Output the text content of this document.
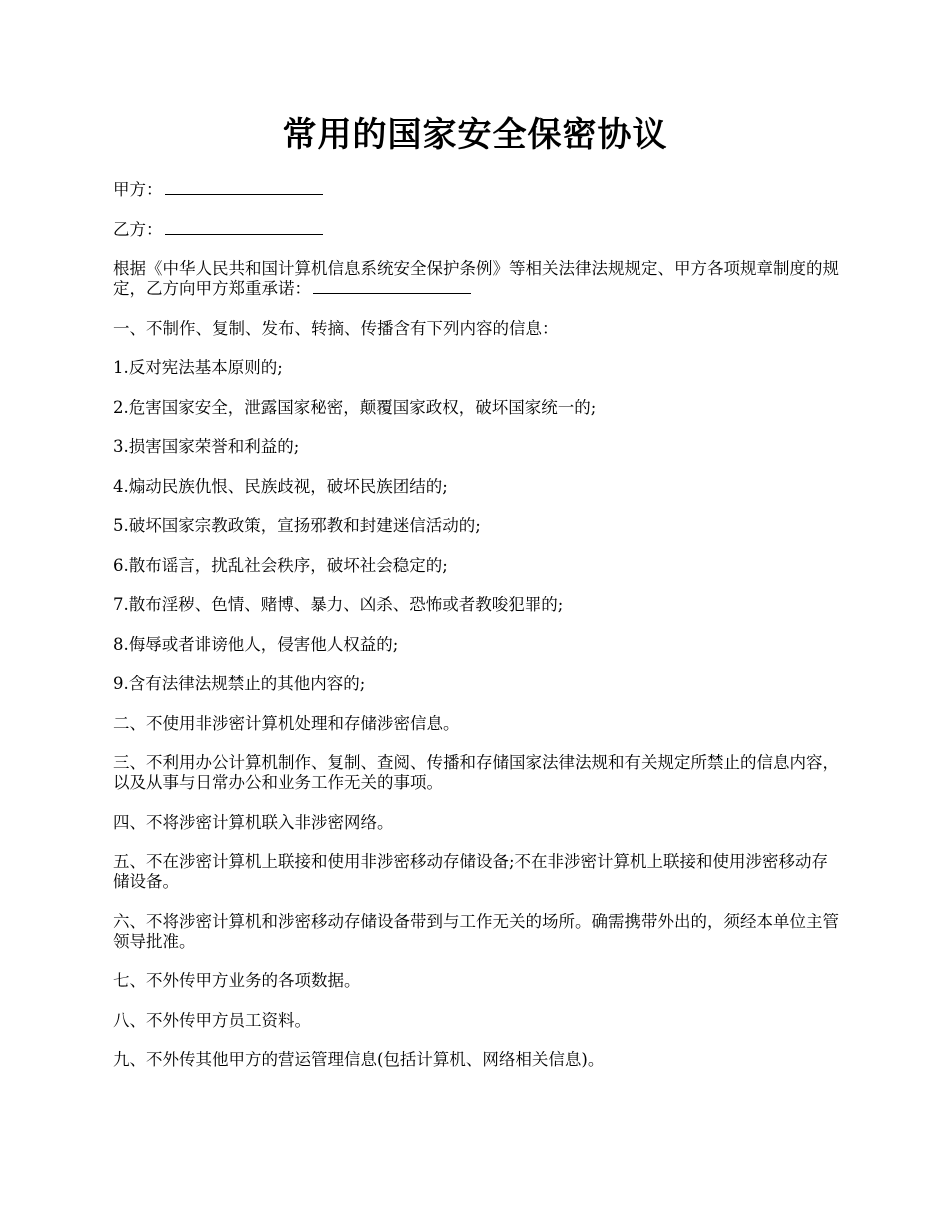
常用的国家安全保密协议

甲方：

乙方：

根据《中华人民共和国计算机信息系统安全保护条例》等相关法律法规规定、甲方各项规章制度的规定，乙方向甲方郑重承诺：

一、不制作、复制、发布、转摘、传播含有下列内容的信息：

1.反对宪法基本原则的;

2.危害国家安全，泄露国家秘密，颠覆国家政权，破坏国家统一的;

3.损害国家荣誉和利益的;

4.煽动民族仇恨、民族歧视，破坏民族团结的;

5.破坏国家宗教政策，宣扬邪教和封建迷信活动的;

6.散布谣言，扰乱社会秩序，破坏社会稳定的;

7.散布淫秽、色情、赌博、暴力、凶杀、恐怖或者教唆犯罪的;

8.侮辱或者诽谤他人，侵害他人权益的;

9.含有法律法规禁止的其他内容的;

二、不使用非涉密计算机处理和存储涉密信息。

三、不利用办公计算机制作、复制、查阅、传播和存储国家法律法规和有关规定所禁止的信息内容，以及从事与日常办公和业务工作无关的事项。

四、不将涉密计算机联入非涉密网络。

五、不在涉密计算机上联接和使用非涉密移动存储设备;不在非涉密计算机上联接和使用涉密移动存储设备。

六、不将涉密计算机和涉密移动存储设备带到与工作无关的场所。确需携带外出的，须经本单位主管领导批准。

七、不外传甲方业务的各项数据。

八、不外传甲方员工资料。

九、不外传其他甲方的营运管理信息(包括计算机、网络相关信息)。
